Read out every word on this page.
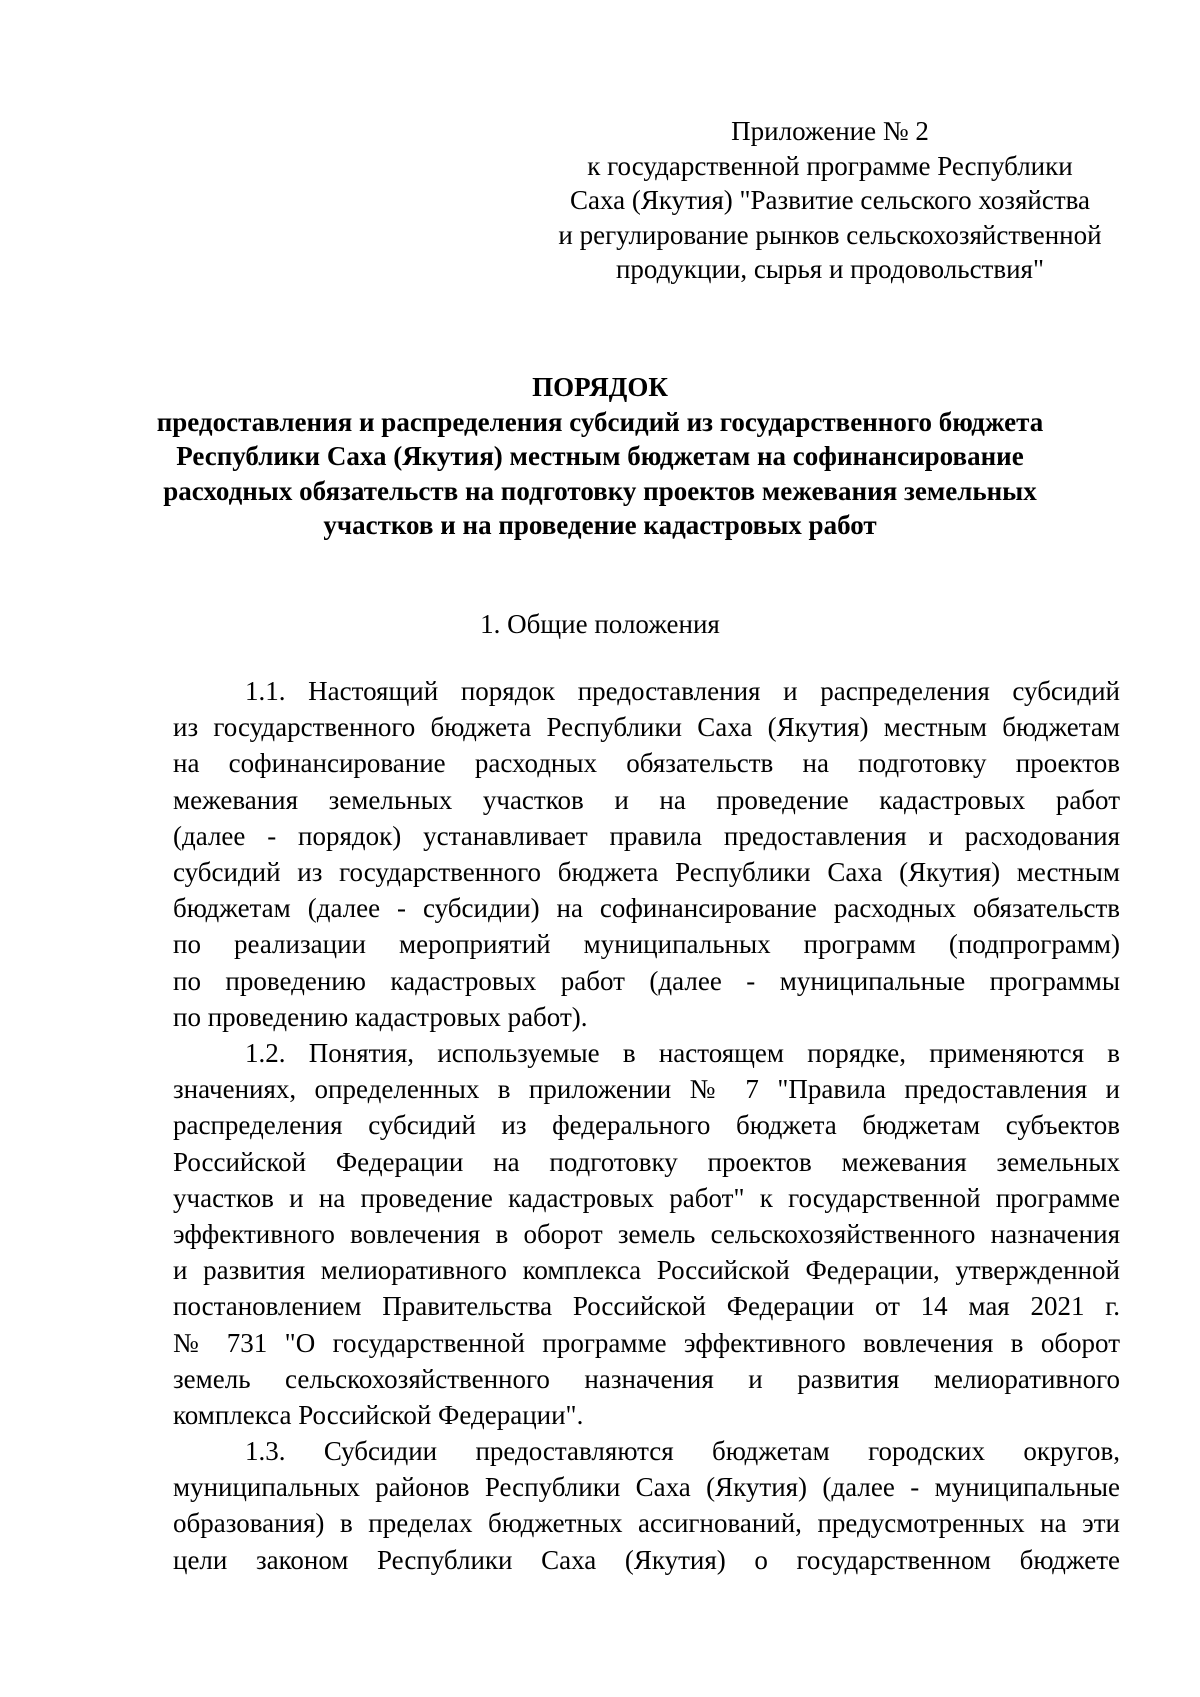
Приложение № 2
к государственной программе Республики
Саха (Якутия) "Развитие сельского хозяйства
и регулирование рынков сельскохозяйственной
продукции, сырья и продовольствия"
ПОРЯДОК
предоставления и распределения субсидий из государственного бюджета
Республики Саха (Якутия) местным бюджетам на софинансирование
расходных обязательств на подготовку проектов межевания земельных
участков и на проведение кадастровых работ
1. Общие положения
1.1. Настоящий порядок предоставления и распределения субсидий
из государственного бюджета Республики Саха (Якутия) местным бюджетам
на софинансирование расходных обязательств на подготовку проектов
межевания земельных участков и на проведение кадастровых работ
(далее - порядок) устанавливает правила предоставления и расходования
субсидий из государственного бюджета Республики Саха (Якутия) местным
бюджетам (далее - субсидии) на софинансирование расходных обязательств
по реализации мероприятий муниципальных программ (подпрограмм)
по проведению кадастровых работ (далее - муниципальные программы
по проведению кадастровых работ).
1.2. Понятия, используемые в настоящем порядке, применяются в
значениях, определенных в приложении № 7 "Правила предоставления и
распределения субсидий из федерального бюджета бюджетам субъектов
Российской Федерации на подготовку проектов межевания земельных
участков и на проведение кадастровых работ" к государственной программе
эффективного вовлечения в оборот земель сельскохозяйственного назначения
и развития мелиоративного комплекса Российской Федерации, утвержденной
постановлением Правительства Российской Федерации от 14 мая 2021 г.
№ 731 "О государственной программе эффективного вовлечения в оборот
земель сельскохозяйственного назначения и развития мелиоративного
комплекса Российской Федерации".
1.3. Субсидии предоставляются бюджетам городских округов,
муниципальных районов Республики Саха (Якутия) (далее - муниципальные
образования) в пределах бюджетных ассигнований, предусмотренных на эти
цели законом Республики Саха (Якутия) о государственном бюджете
